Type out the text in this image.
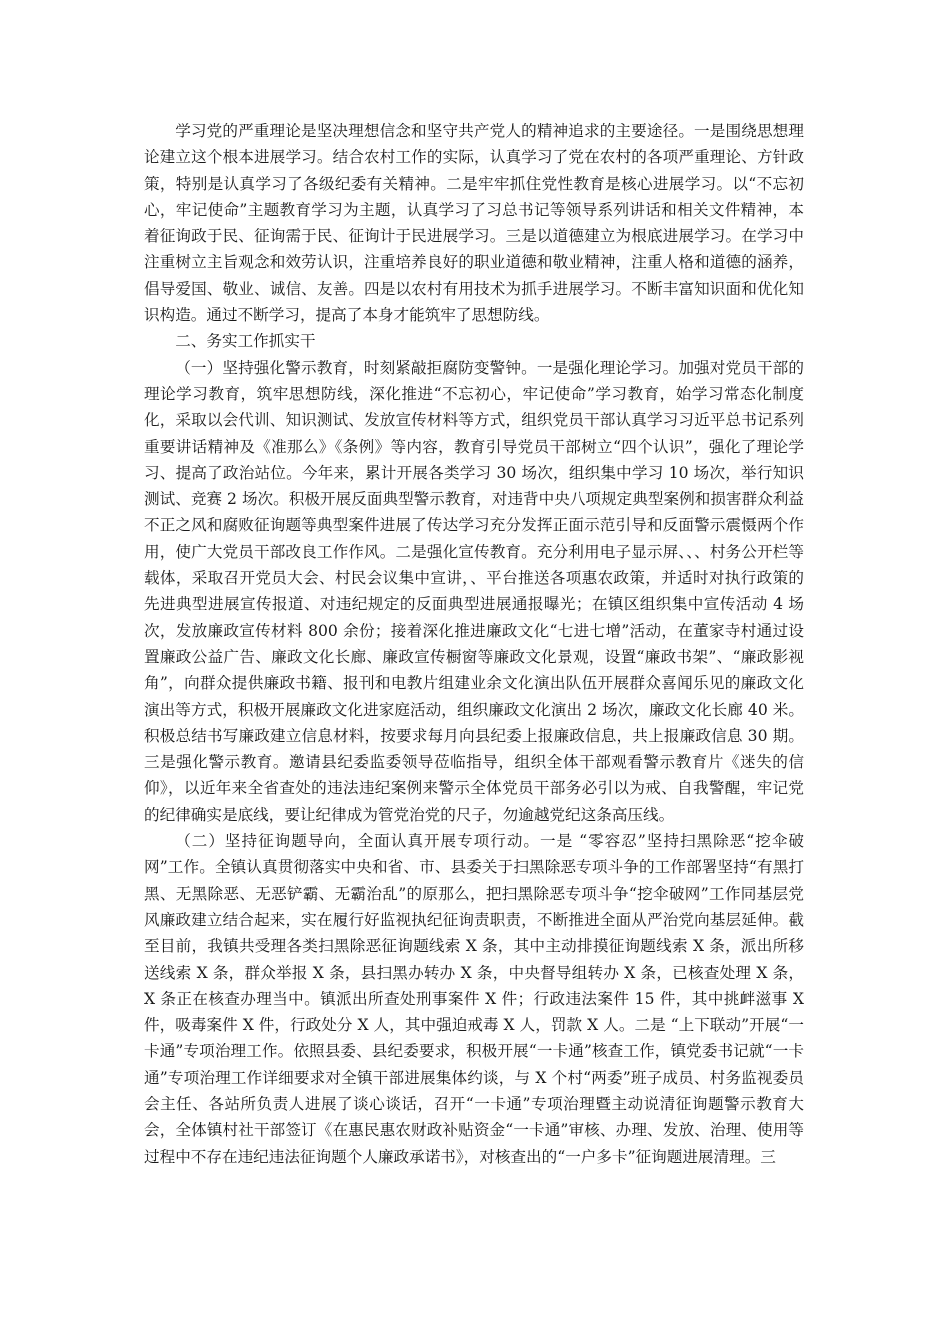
学习党的严重理论是坚决理想信念和坚守共产党人的精神追求的主要途径。一是围绕思想理论建立这个根本进展学习。结合农村工作的实际，认真学习了党在农村的各项严重理论、方针政策，特别是认真学习了各级纪委有关精神。二是牢牢抓住党性教育是核心进展学习。以“不忘初心，牢记使命”主题教育学习为主题，认真学习了习总书记等领导系列讲话和相关文件精神，本着征询政于民、征询需于民、征询计于民进展学习。三是以道德建立为根底进展学习。在学习中注重树立主旨观念和效劳认识，注重培养良好的职业道德和敬业精神，注重人格和道德的涵养，倡导爱国、敬业、诚信、友善。四是以农村有用技术为抓手进展学习。不断丰富知识面和优化知识构造。通过不断学习，提高了本身才能筑牢了思想防线。

二、务实工作抓实干

（一）坚持强化警示教育，时刻紧敲拒腐防变警钟。一是强化理论学习。加强对党员干部的理论学习教育，筑牢思想防线，深化推进“不忘初心，牢记使命”学习教育，始学习常态化制度化，采取以会代训、知识测试、发放宣传材料等方式，组织党员干部认真学习习近平总书记系列重要讲话精神及《准那么》《条例》等内容，教育引导党员干部树立“四个认识”，强化了理论学习、提高了政治站位。今年来，累计开展各类学习 30 场次，组织集中学习 10 场次，举行知识测试、竞赛 2 场次。积极开展反面典型警示教育，对违背中央八项规定典型案例和损害群众利益不正之风和腐败征询题等典型案件进展了传达学习充分发挥正面示范引导和反面警示震慑两个作用，使广大党员干部改良工作作风。二是强化宣传教育。充分利用电子显示屏、、、村务公开栏等载体，采取召开党员大会、村民会议集中宣讲，、平台推送各项惠农政策，并适时对执行政策的先进典型进展宣传报道、对违纪规定的反面典型进展通报曝光；在镇区组织集中宣传活动 4 场次，发放廉政宣传材料 800 余份；接着深化推进廉政文化“七进七增”活动，在董家寺村通过设置廉政公益广告、廉政文化长廊、廉政宣传橱窗等廉政文化景观，设置“廉政书架”、“廉政影视角”，向群众提供廉政书籍、报刊和电教片组建业余文化演出队伍开展群众喜闻乐见的廉政文化演出等方式，积极开展廉政文化进家庭活动，组织廉政文化演出 2 场次，廉政文化长廊 40 米。积极总结书写廉政建立信息材料，按要求每月向县纪委上报廉政信息，共上报廉政信息 30 期。三是强化警示教育。邀请县纪委监委领导莅临指导，组织全体干部观看警示教育片《迷失的信仰》，以近年来全省查处的违法违纪案例来警示全体党员干部务必引以为戒、自我警醒，牢记党的纪律确实是底线，要让纪律成为管党治党的尺子，勿逾越党纪这条高压线。

（二）坚持征询题导向，全面认真开展专项行动。一是 “零容忍”坚持扫黑除恶“挖伞破网”工作。全镇认真贯彻落实中央和省、市、县委关于扫黑除恶专项斗争的工作部署坚持“有黑打黑、无黑除恶、无恶铲霸、无霸治乱”的原那么，把扫黑除恶专项斗争“挖伞破网”工作同基层党风廉政建立结合起来，实在履行好监视执纪征询责职责，不断推进全面从严治党向基层延伸。截至目前，我镇共受理各类扫黑除恶征询题线索 X 条，其中主动排摸征询题线索 X 条，派出所移送线索 X 条，群众举报 X 条，县扫黑办转办 X 条，中央督导组转办 X 条，已核查处理 X 条，X 条正在核查办理当中。镇派出所查处刑事案件 X 件；行政违法案件 15 件，其中挑衅滋事 X 件，吸毒案件 X 件，行政处分 X 人，其中强迫戒毒 X 人，罚款 X 人。二是 “上下联动”开展“一卡通”专项治理工作。依照县委、县纪委要求，积极开展“一卡通”核查工作，镇党委书记就“一卡通”专项治理工作详细要求对全镇干部进展集体约谈，与 X 个村“两委”班子成员、村务监视委员会主任、各站所负责人进展了谈心谈话，召开“一卡通”专项治理暨主动说清征询题警示教育大会，全体镇村社干部签订《在惠民惠农财政补贴资金“一卡通”审核、办理、发放、治理、使用等过程中不存在违纪违法征询题个人廉政承诺书》，对核查出的“一户多卡”征询题进展清理。三
